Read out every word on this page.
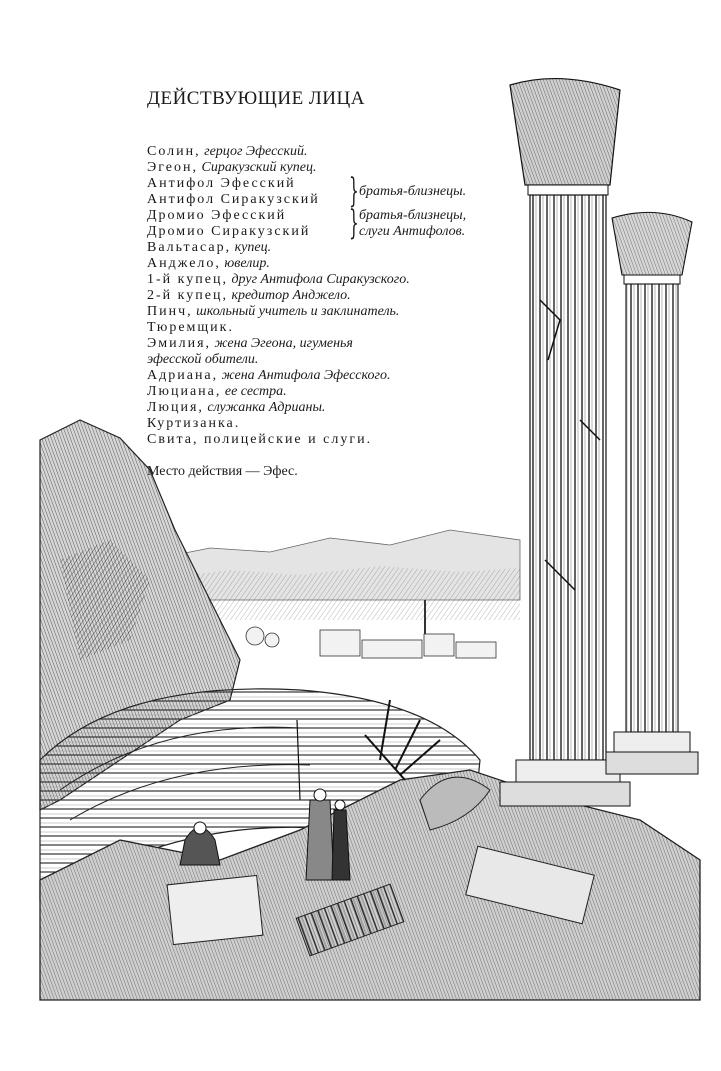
ДЕЙСТВУЮЩИЕ ЛИЦА
Солин, герцог Эфесский.
Эгеон, Сиракузский купец.
Антифол Эфесский
Антифол Сиракузский } братья-близнецы.
Дромио Эфесский
Дромио Сиракузский	} братья-близнецы,
слуги Антифолов.
Вальтасар, купец.
Анджело, ювелир.
1-й купец, друг Антифола Сиракузского.
2-й купец, кредитор Анджело.
Пинч, школьный учитель и заклинатель.
Тюремщик.
Эмилия, жена Эгеона, игуменья
эфесской обители.
Адриана, жена Антифола Эфесского.
Люциана, ее сестра.
Люция, служанка Адрианы.
Куртизанка.
Свита, полицейские и слуги.
Место действия — Эфес.
